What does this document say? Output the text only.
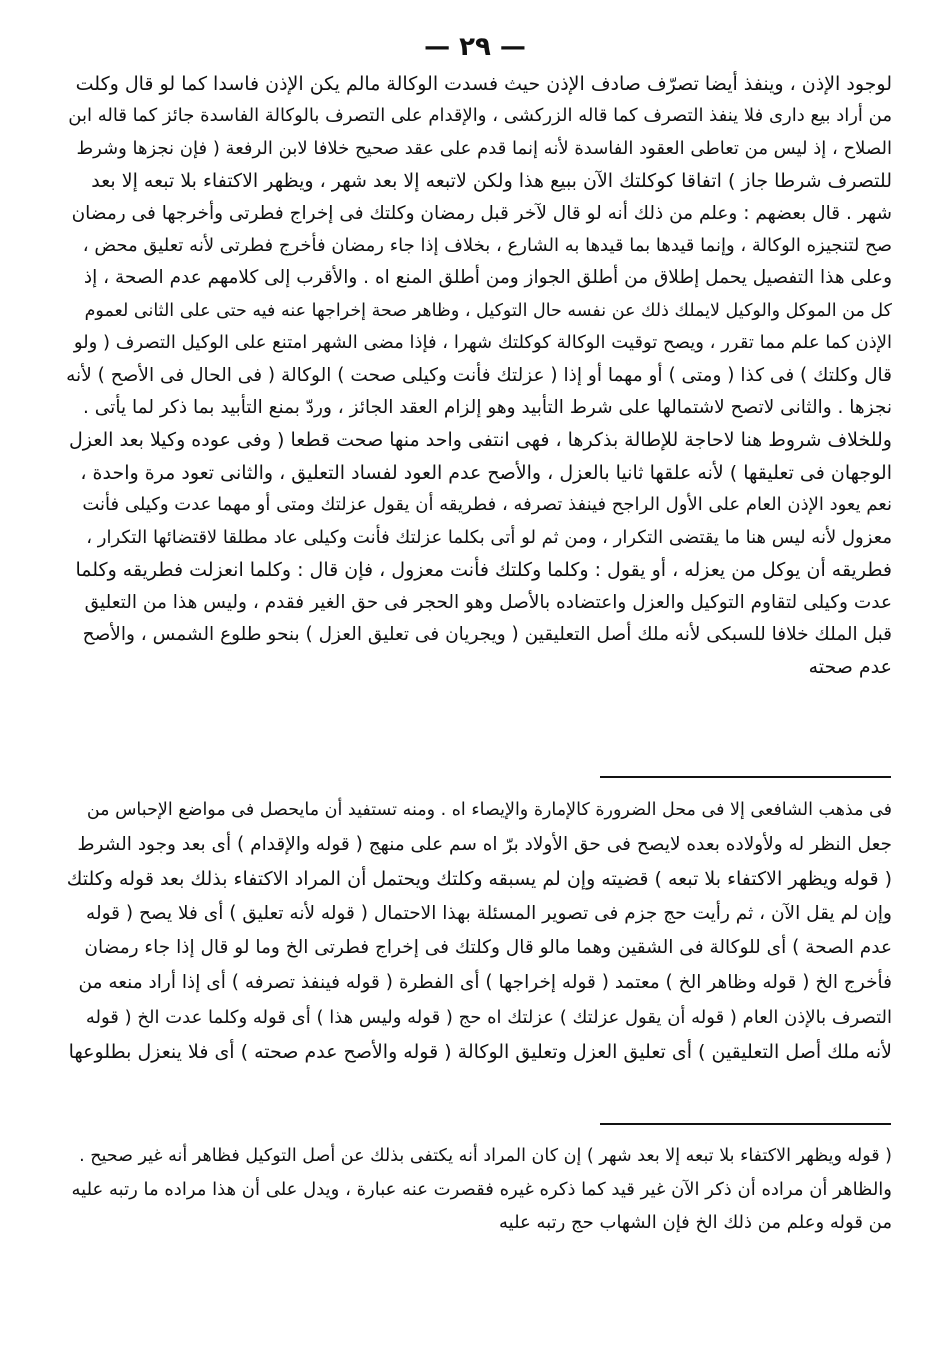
— ٢٩ —
لوجود الإذن ، وينفذ أيضا تصرّف صادف الإذن حيث فسدت الوكالة مالم يكن الإذن فاسدا كما لو قال وكلت
من أراد بيع دارى فلا ينفذ التصرف كما قاله الزركشى ، والإقدام على التصرف بالوكالة الفاسدة جائز كما قاله ابن
الصلاح ، إذ ليس من تعاطى العقود الفاسدة لأنه إنما قدم على عقد صحيح خلافا لابن الرفعة ( فإن نجزها وشرط
للتصرف شرطا جاز ) اتفاقا كوكلتك الآن ببيع هذا ولكن لاتبعه إلا بعد شهر ، ويظهر الاكتفاء بلا تبعه إلا بعد
شهر . قال بعضهم : وعلم من ذلك أنه لو قال لآخر قبل رمضان وكلتك فى إخراج فطرتى وأخرجها فى رمضان
صح لتنجيزه الوكالة ، وإنما قيدها بما قيدها به الشارع ، بخلاف إذا جاء رمضان فأخرج فطرتى لأنه تعليق محض ،
وعلى هذا التفصيل يحمل إطلاق من أطلق الجواز ومن أطلق المنع اه . والأقرب إلى كلامهم عدم الصحة ، إذ
كل من الموكل والوكيل لايملك ذلك عن نفسه حال التوكيل ، وظاهر صحة إخراجها عنه فيه حتى على الثانى لعموم
الإذن كما علم مما تقرر ، ويصح توقيت الوكالة كوكلتك شهرا ، فإذا مضى الشهر امتنع على الوكيل التصرف ( ولو
قال وكلتك ) فى كذا ( ومتى ) أو مهما أو إذا ( عزلتك فأنت وكيلى صحت ) الوكالة ( فى الحال فى الأصح ) لأنه
نجزها . والثانى لاتصح لاشتمالها على شرط التأبيد وهو إلزام العقد الجائز ، وردّ بمنع التأبيد بما ذكر لما يأتى .
وللخلاف شروط هنا لاحاجة للإطالة بذكرها ، فهى انتفى واحد منها صحت قطعا ( وفى عوده وكيلا بعد العزل
الوجهان فى تعليقها ) لأنه علقها ثانيا بالعزل ، والأصح عدم العود لفساد التعليق ، والثانى تعود مرة واحدة ،
نعم يعود الإذن العام على الأول الراجح فينفذ تصرفه ، فطريقه أن يقول عزلتك ومتى أو مهما عدت وكيلى فأنت
معزول لأنه ليس هنا ما يقتضى التكرار ، ومن ثم لو أتى بكلما عزلتك فأنت وكيلى عاد مطلقا لاقتضائها التكرار ،
فطريقه أن يوكل من يعزله ، أو يقول : وكلما وكلتك فأنت معزول ، فإن قال : وكلما انعزلت فطريقه وكلما
عدت وكيلى لتقاوم التوكيل والعزل واعتضاده بالأصل وهو الحجر فى حق الغير فقدم ، وليس هذا من التعليق
قبل الملك خلافا للسبكى لأنه ملك أصل التعليقين ( ويجريان فى تعليق العزل ) بنحو طلوع الشمس ، والأصح
عدم صحته
فى مذهب الشافعى إلا فى محل الضرورة كالإمارة والإيصاء اه . ومنه تستفيد أن مايحصل فى مواضع الإحباس من
جعل النظر له ولأولاده بعده لايصح فى حق الأولاد برّ اه سم على منهج ( قوله والإقدام ) أى بعد وجود الشرط
( قوله ويظهر الاكتفاء بلا تبعه ) قضيته وإن لم يسبقه وكلتك ويحتمل أن المراد الاكتفاء بذلك بعد قوله وكلتك
وإن لم يقل الآن ، ثم رأيت حج جزم فى تصوير المسئلة بهذا الاحتمال ( قوله لأنه تعليق ) أى فلا يصح ( قوله
عدم الصحة ) أى للوكالة فى الشقين وهما مالو قال وكلتك فى إخراج فطرتى الخ وما لو قال إذا جاء رمضان
فأخرج الخ ( قوله وظاهر الخ ) معتمد ( قوله إخراجها ) أى الفطرة ( قوله فينفذ تصرفه ) أى إذا أراد منعه من
التصرف بالإذن العام ( قوله أن يقول عزلتك ) عزلتك اه حج ( قوله وليس هذا ) أى قوله وكلما عدت الخ ( قوله
لأنه ملك أصل التعليقين ) أى تعليق العزل وتعليق الوكالة ( قوله والأصح عدم صحته ) أى فلا ينعزل بطلوعها
( قوله ويظهر الاكتفاء بلا تبعه إلا بعد شهر ) إن كان المراد أنه يكتفى بذلك عن أصل التوكيل فظاهر أنه غير صحيح .
والظاهر أن مراده أن ذكر الآن غير قيد كما ذكره غيره فقصرت عنه عبارة ، ويدل على أن هذا مراده ما رتبه عليه
من قوله وعلم من ذلك الخ فإن الشهاب حج رتبه عليه
